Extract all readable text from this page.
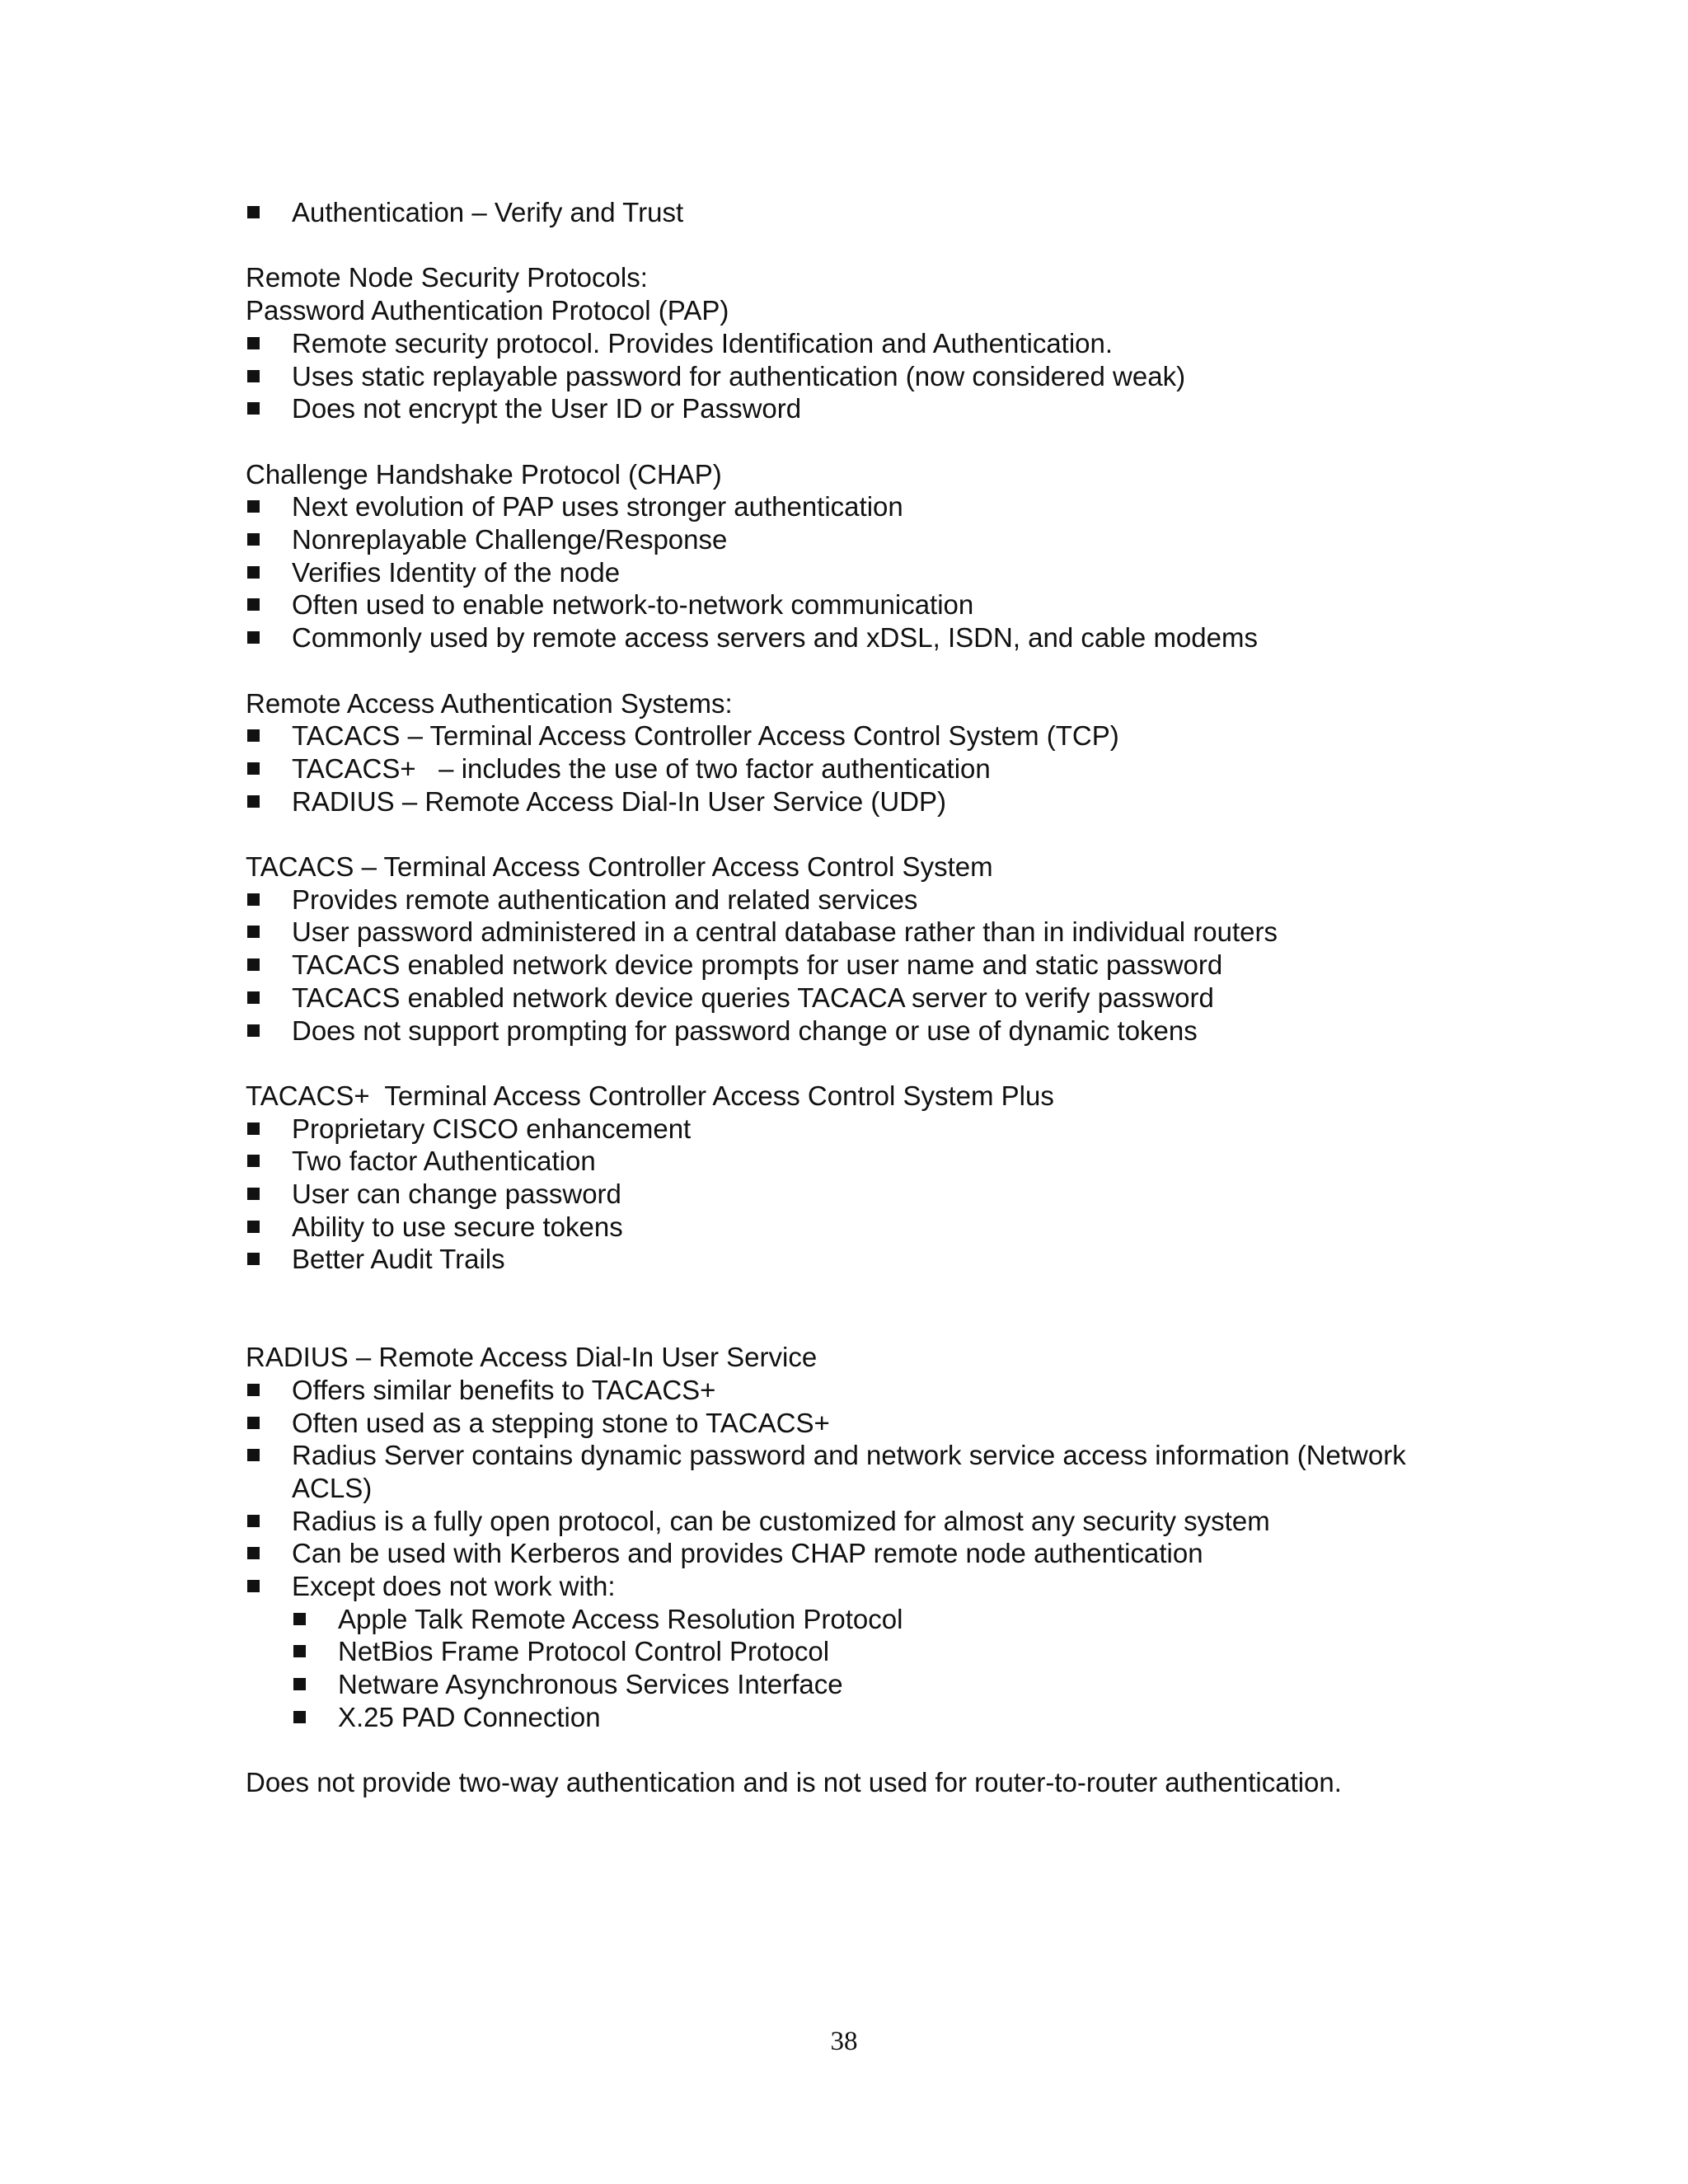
Authentication – Verify and Trust

Remote Node Security Protocols:

Password Authentication Protocol (PAP)

Remote security protocol. Provides Identification and Authentication.
Uses static replayable password for authentication (now considered weak)
Does not encrypt the User ID or Password

Challenge Handshake Protocol (CHAP)

Next evolution of PAP uses stronger authentication
Nonreplayable Challenge/Response
Verifies Identity of the node
Often used to enable network-to-network communication
Commonly used by remote access servers and xDSL, ISDN, and cable modems

Remote Access Authentication Systems:

TACACS – Terminal Access Controller Access Control System (TCP)
TACACS+   – includes the use of two factor authentication
RADIUS – Remote Access Dial-In User Service (UDP)

TACACS – Terminal Access Controller Access Control System

Provides remote authentication and related services
User password administered in a central database rather than in individual routers
TACACS enabled network device prompts for user name and static password
TACACS enabled network device queries TACACA server to verify password
Does not support prompting for password change or use of dynamic tokens

TACACS+  Terminal Access Controller Access Control System Plus

Proprietary CISCO enhancement
Two factor Authentication
User can change password
Ability to use secure tokens
Better Audit Trails

RADIUS – Remote Access Dial-In User Service

Offers similar benefits to TACACS+
Often used as a stepping stone to TACACS+
Radius Server contains dynamic password and network service access information (Network ACLS)
Radius is a fully open protocol, can be customized for almost any security system
Can be used with Kerberos and provides CHAP remote node authentication
Except does not work with:
Apple Talk Remote Access Resolution Protocol
NetBios Frame Protocol Control Protocol
Netware Asynchronous Services Interface
X.25 PAD Connection

Does not provide two-way authentication and is not used for router-to-router authentication.

38
